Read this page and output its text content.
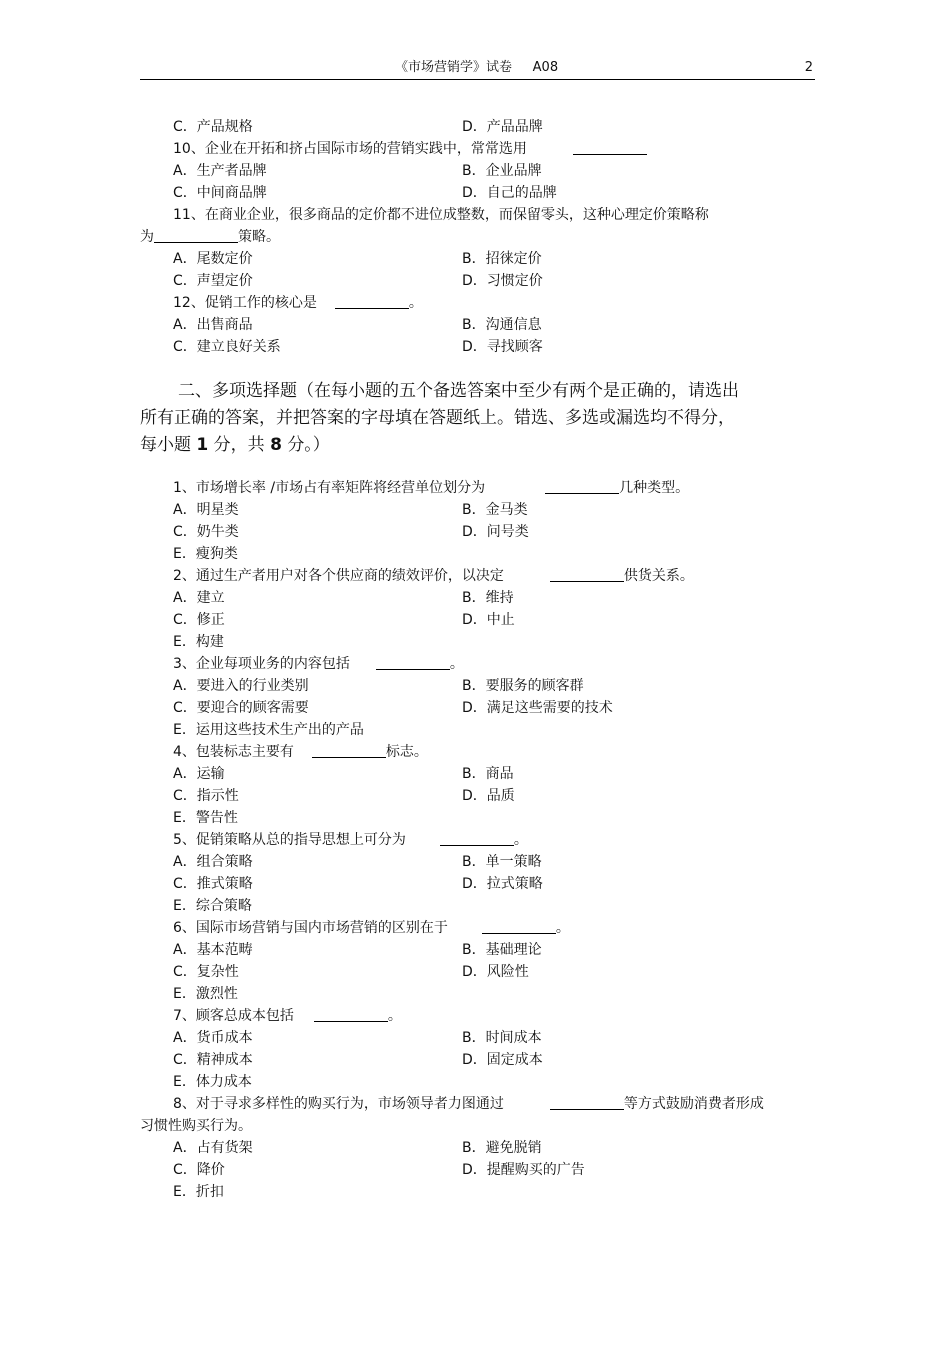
《市场营销学》试卷     A08	2
C．产品规格	D．产品品牌
10、企业在开拓和挤占国际市场的营销实践中，常常选用
A．生产者品牌	B．企业品牌
C．中间商品牌	D．自己的品牌
11、在商业企业，很多商品的定价都不进位成整数，而保留零头，这种心理定价策略称
为	策略。
A．尾数定价	B．招徕定价
C．声望定价	D．习惯定价
12、促销工作的核心是	。
A．出售商品	B．沟通信息
C．建立良好关系	D．寻找顾客
二、多项选择题（在每小题的五个备选答案中至少有两个是正确的，请选出
所有正确的答案，并把答案的字母填在答题纸上。错选、多选或漏选均不得分，
每小题 1 分，共 8 分。）
1、市场增长率 /市场占有率矩阵将经营单位划分为	几种类型。
A．明星类	B．金马类
C．奶牛类	D．问号类
E．瘦狗类
2、通过生产者用户对各个供应商的绩效评价，以决定	供货关系。
A．建立	B．维持
C．修正	D．中止
E．构建
3、企业每项业务的内容包括	。
A．要进入的行业类别	B．要服务的顾客群
C．要迎合的顾客需要	D．满足这些需要的技术
E．运用这些技术生产出的产品
4、包装标志主要有	标志。
A．运输	B．商品
C．指示性	D．品质
E．警告性
5、促销策略从总的指导思想上可分为	。
A．组合策略	B．单一策略
C．推式策略	D．拉式策略
E．综合策略
6、国际市场营销与国内市场营销的区别在于	。
A．基本范畴	B．基础理论
C．复杂性	D．风险性
E．激烈性
7、顾客总成本包括	。
A．货币成本	B．时间成本
C．精神成本	D．固定成本
E．体力成本
8、对于寻求多样性的购买行为，市场领导者力图通过	等方式鼓励消费者形成
习惯性购买行为。
A．占有货架	B．避免脱销
C．降价	D．提醒购买的广告
E．折扣
